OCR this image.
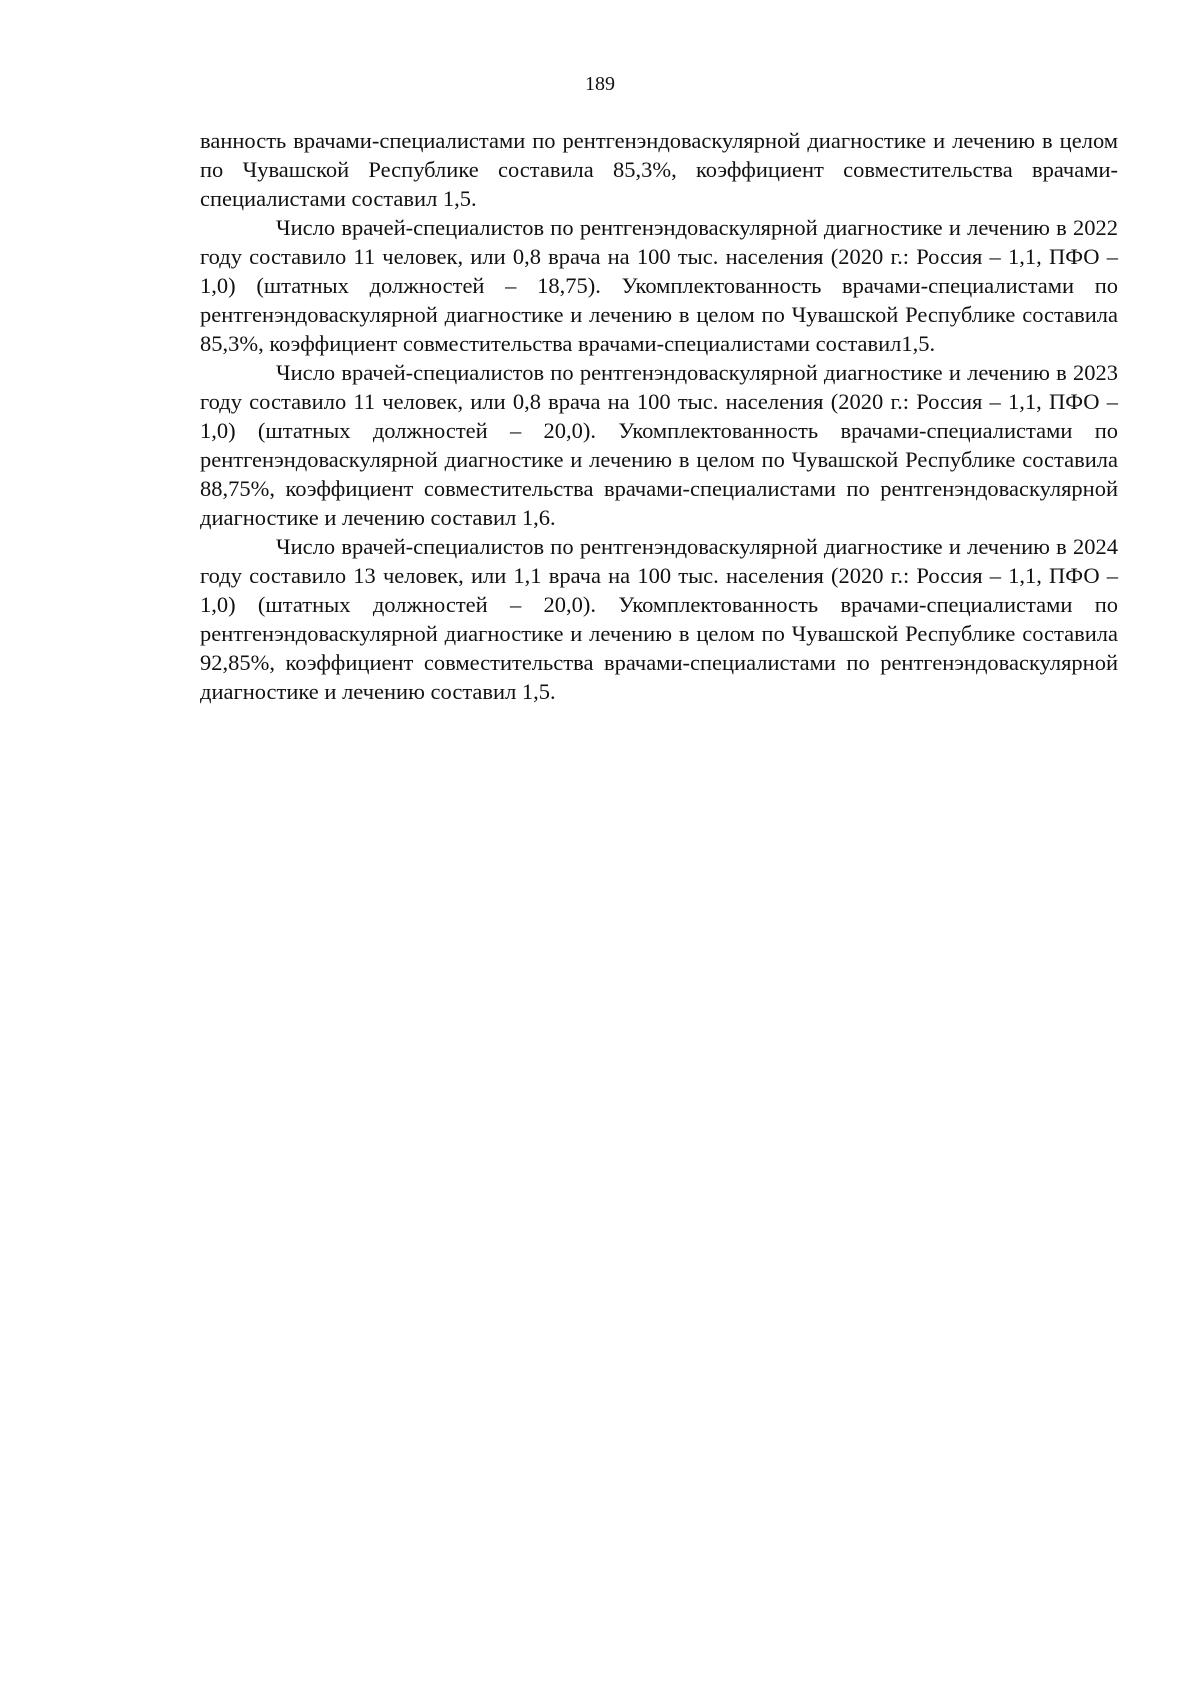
189

ванность врачами-специалистами по рентгенэндоваскулярной диагностике и лечению в целом по Чувашской Республике составила 85,3%, коэффициент совместительства врачами-специалистами составил 1,5.

Число врачей-специалистов по рентгенэндоваскулярной диагностике и лечению в 2022 году составило 11 человек, или 0,8 врача на 100 тыс. населения (2020 г.: Россия – 1,1, ПФО – 1,0) (штатных должностей – 18,75). Укомплектованность врачами-специалистами по рентгенэндоваскулярной диагностике и лечению в целом по Чувашской Республике составила 85,3%, коэффициент совместительства врачами-специалистами составил1,5.

Число врачей-специалистов по рентгенэндоваскулярной диагностике и лечению в 2023 году составило 11 человек, или 0,8 врача на 100 тыс. населения (2020 г.: Россия – 1,1, ПФО – 1,0) (штатных должностей – 20,0). Укомплектованность врачами-специалистами по рентгенэндоваскулярной диагностике и лечению в целом по Чувашской Республике составила 88,75%, коэффициент совместительства врачами-специалистами по рентгенэндоваскулярной диагностике и лечению составил 1,6.

Число врачей-специалистов по рентгенэндоваскулярной диагностике и лечению в 2024 году составило 13 человек, или 1,1 врача на 100 тыс. населения (2020 г.: Россия – 1,1, ПФО – 1,0) (штатных должностей – 20,0). Укомплектованность врачами-специалистами по рентгенэндоваскулярной диагностике и лечению в целом по Чувашской Республике составила 92,85%, коэффициент совместительства врачами-специалистами по рентгенэндоваскулярной диагностике и лечению составил 1,5.
